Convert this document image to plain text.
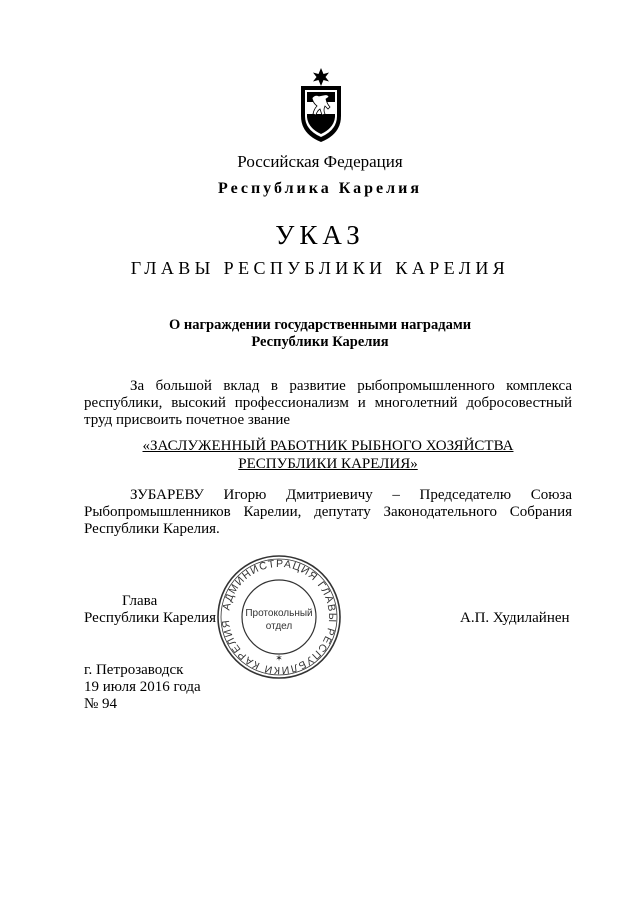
Российская Федерация
Республика Карелия
УКАЗ
ГЛАВЫ РЕСПУБЛИКИ КАРЕЛИЯ
О награждении государственными наградами
Республики Карелия
За большой вклад в развитие рыбопромышленного комплекса
республики, высокий профессионализм и многолетний добросовестный
труд присвоить почетное звание
«ЗАСЛУЖЕННЫЙ РАБОТНИК РЫБНОГО ХОЗЯЙСТВА
РЕСПУБЛИКИ КАРЕЛИЯ»
ЗУБАРЕВУ Игорю Дмитриевичу – Председателю Союза
Рыбопромышленников Карелии, депутату Законодательного Собрания
Республики Карелия.
Глава
Республики Карелия	А.П. Худилайнен
АДМИНИСТРАЦИЯ ГЛАВЫ РЕСПУБЛИКИ КАРЕЛИЯ
✶
Протокольный
отдел
г. Петрозаводск
19 июля 2016 года
№ 94
